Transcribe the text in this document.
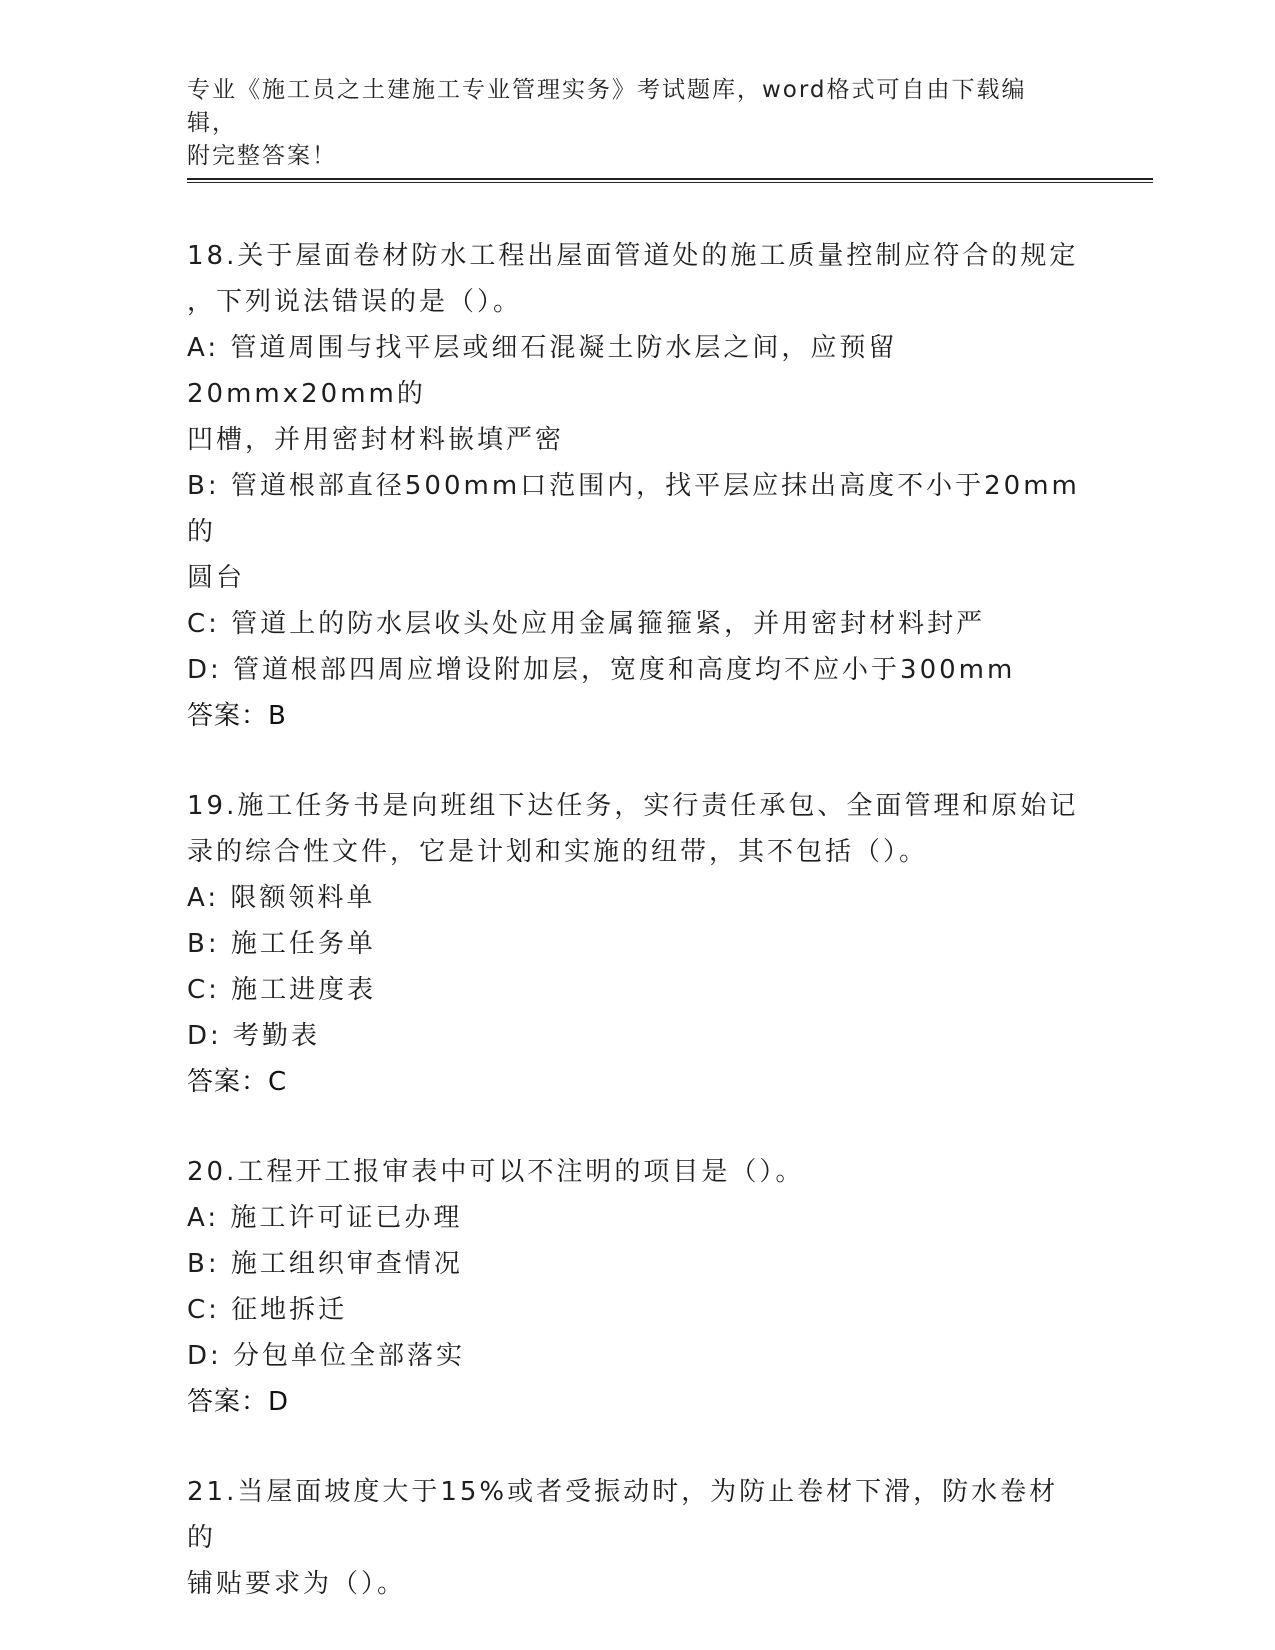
专业《施工员之土建施工专业管理实务》考试题库，word格式可自由下载编辑，
附完整答案！

18.关于屋面卷材防水工程出屋面管道处的施工质量控制应符合的规定

，下列说法错误的是（）。

A: 管道周围与找平层或细石混凝土防水层之间，应预留20mmx20mm的

凹槽，并用密封材料嵌填严密

B: 管道根部直径500mm口范围内，找平层应抹出高度不小于20mm的

圆台

C: 管道上的防水层收头处应用金属箍箍紧，并用密封材料封严

D: 管道根部四周应增设附加层，宽度和高度均不应小于300mm

答案：B

19.施工任务书是向班组下达任务，实行责任承包、全面管理和原始记

录的综合性文件，它是计划和实施的纽带，其不包括（）。

A: 限额领料单

B: 施工任务单

C: 施工进度表

D: 考勤表

答案：C

20.工程开工报审表中可以不注明的项目是（）。

A: 施工许可证已办理

B: 施工组织审查情况

C: 征地拆迁

D: 分包单位全部落实

答案：D

21.当屋面坡度大于15%或者受振动时，为防止卷材下滑，防水卷材的

铺贴要求为（）。
